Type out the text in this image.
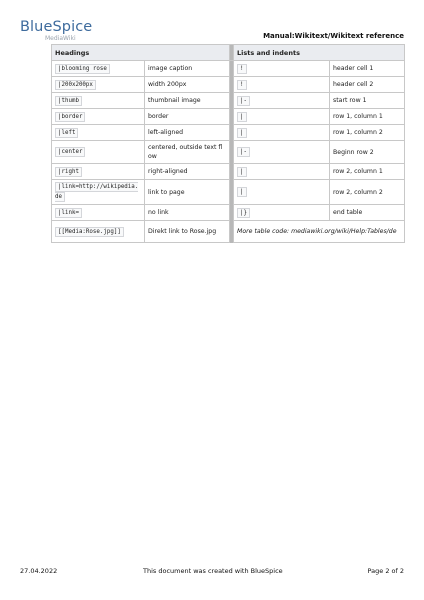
BlueSpice
MediaWiki	Manual:Wikitext/Wikitext reference
Headings			Lists and indents	
|blooming rose	image caption		!	header cell 1
|200x200px	width 200px		!	header cell 2
|thumb	thumbnail image		|-	start row 1
|border	border		|	row 1, column 1
|left	left-aligned		|	row 1, column 2
|center	centered, outside text flow		|-	Beginn row 2
|right	right-aligned		|	row 2, column 1
|link=http://wikipedia.de	link to page		|	row 2, column 2
|link=	no link		|}	end table
[[Media:Rose.jpg]]	Direkt link to Rose.jpg		More table code: mediawiki.org/wiki/Help:Tables/de	
27.04.2022	This document was created with BlueSpice	Page 2 of 2
